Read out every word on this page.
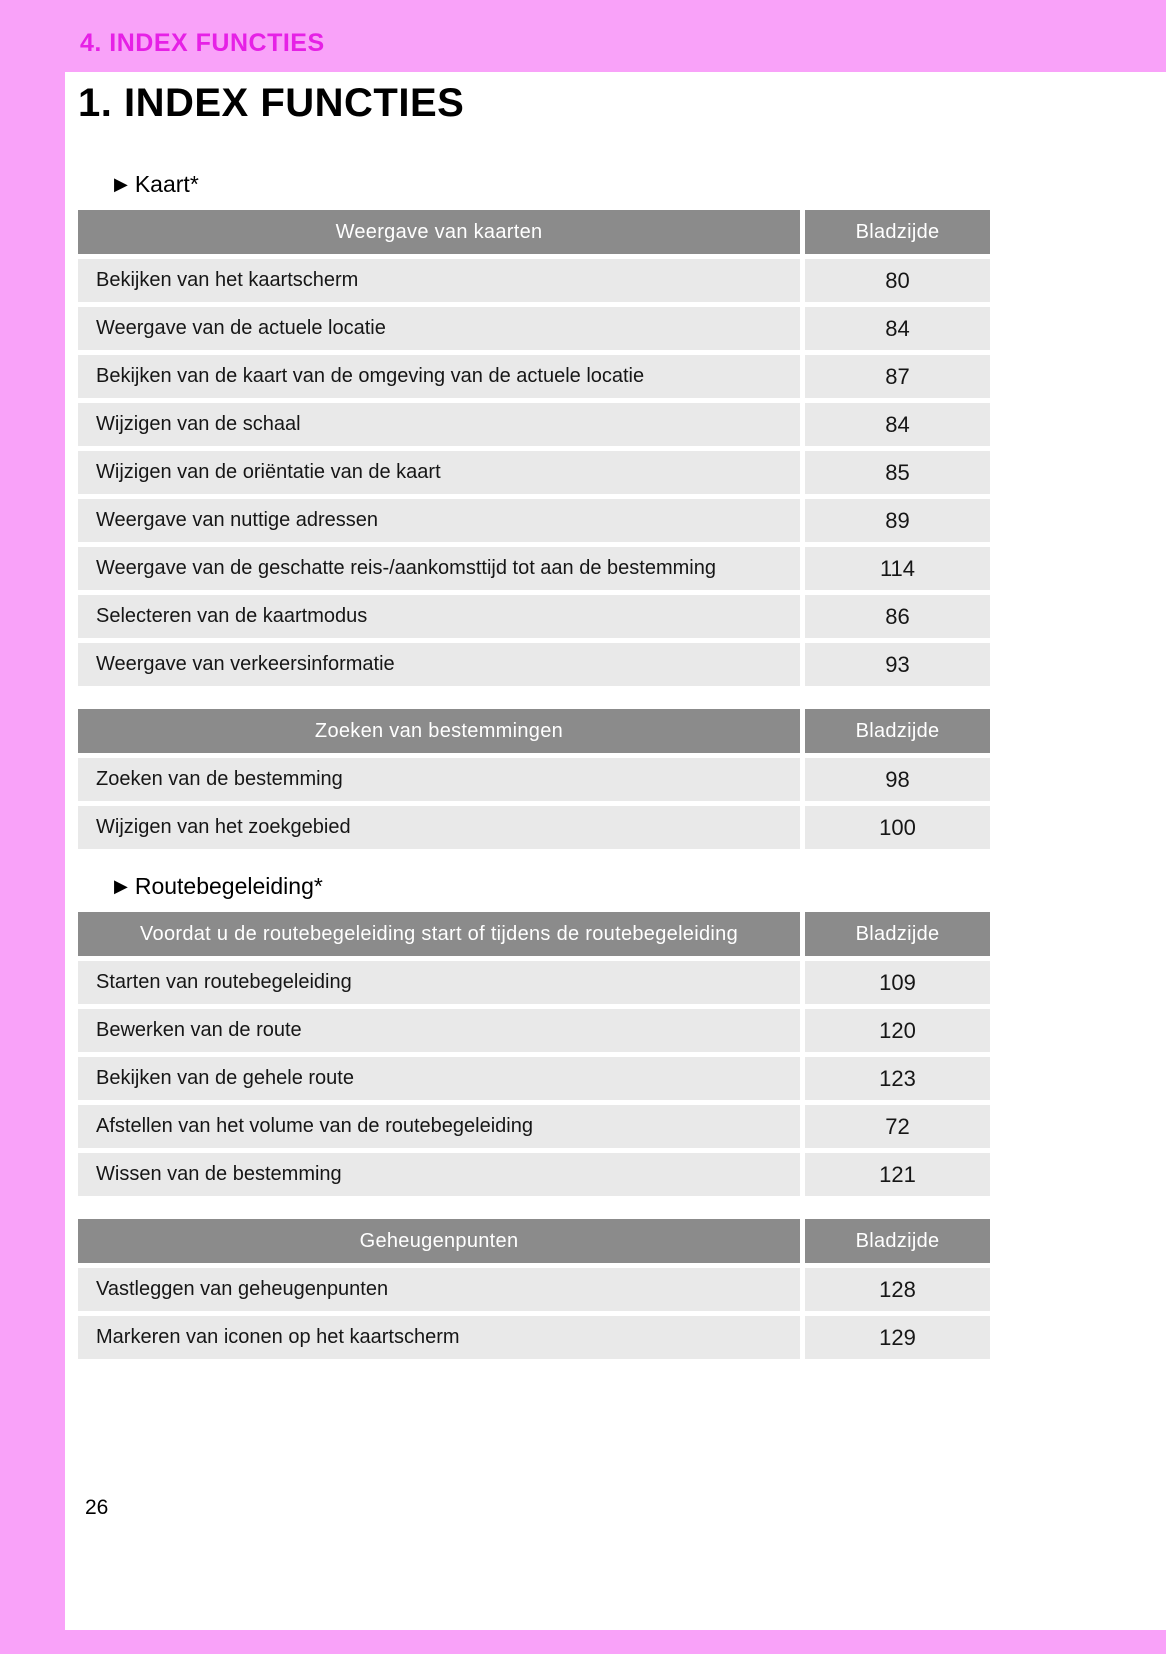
4. INDEX FUNCTIES
1. INDEX FUNCTIES
▶ Kaart*
Weergave van kaarten	Bladzijde
Bekijken van het kaartscherm	80
Weergave van de actuele locatie	84
Bekijken van de kaart van de omgeving van de actuele locatie	87
Wijzigen van de schaal	84
Wijzigen van de oriëntatie van de kaart	85
Weergave van nuttige adressen	89
Weergave van de geschatte reis-/aankomsttijd tot aan de bestemming	114
Selecteren van de kaartmodus	86
Weergave van verkeersinformatie	93
Zoeken van bestemmingen	Bladzijde
Zoeken van de bestemming	98
Wijzigen van het zoekgebied	100
▶ Routebegeleiding*
Voordat u de routebegeleiding start of tijdens de routebegeleiding	Bladzijde
Starten van routebegeleiding	109
Bewerken van de route	120
Bekijken van de gehele route	123
Afstellen van het volume van de routebegeleiding	72
Wissen van de bestemming	121
Geheugenpunten	Bladzijde
Vastleggen van geheugenpunten	128
Markeren van iconen op het kaartscherm	129
26
